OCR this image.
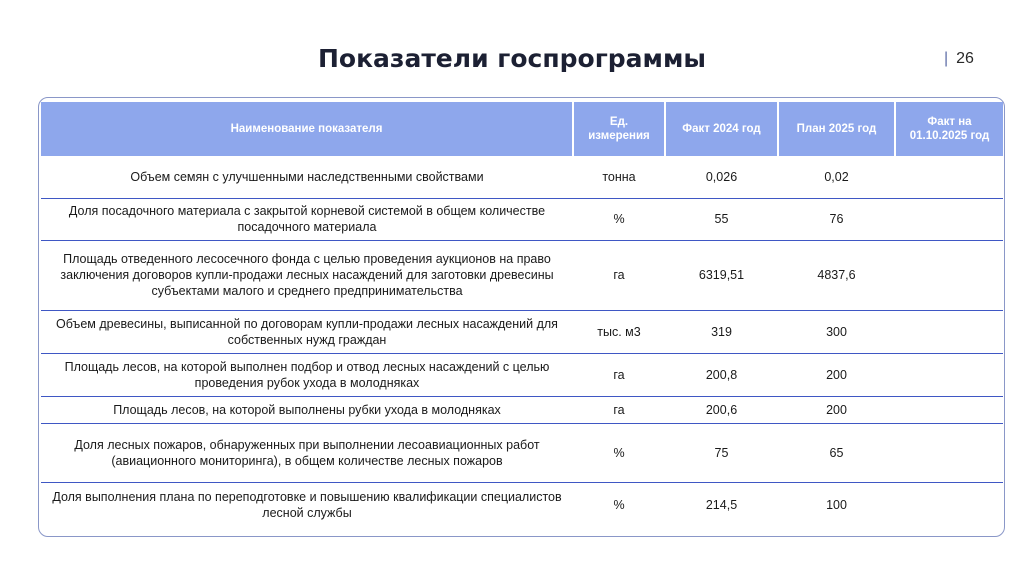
Показатели госпрограммы	| 26
Наименование показателя	Ед. измерения	Факт 2024 год	План 2025 год	Факт на 01.10.2025 год
Объем семян с улучшенными наследственными свойствами	тонна	0,026	0,02	
Доля посадочного материала с закрытой корневой системой в общем количестве посадочного материала	%	55	76	
Площадь отведенного лесосечного фонда с целью проведения аукционов на право заключения договоров купли-продажи лесных насаждений для заготовки древесины субъектами малого и среднего предпринимательства	га	6319,51	4837,6	
Объем древесины, выписанной по договорам купли-продажи лесных насаждений для собственных нужд граждан	тыс. м3	319	300	
Площадь лесов, на которой выполнен подбор и отвод лесных насаждений с целью проведения рубок ухода в молодняках	га	200,8	200	
Площадь лесов, на которой выполнены рубки ухода в молодняках	га	200,6	200	
Доля лесных пожаров, обнаруженных при выполнении лесоавиационных работ (авиационного мониторинга), в общем количестве лесных пожаров	%	75	65	
Доля выполнения плана по переподготовке и повышению квалификации специалистов лесной службы	%	214,5	100	
